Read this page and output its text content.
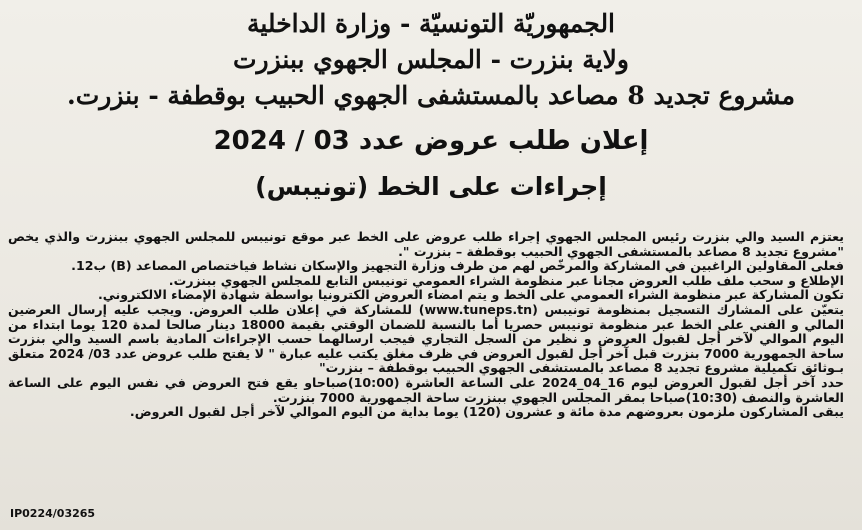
الجمهوريّة التونسيّة - وزارة الداخلية
ولاية بنزرت - المجلس الجهوي ببنزرت
مشروع تجديد 8 مصاعد بالمستشفى الجهوي الحبيب بوقطفة - بنزرت.
إعلان طلب عروض عدد 03 / 2024
إجراءات على الخط (تونيبس)

يعتزم السيد والي بنزرت رئيس المجلس الجهوي إجراء طلب عروض على الخط عبر موقع تونيبس للمجلس الجهوي ببنزرت والذي يخص "مشروع تجديد 8 مصاعد بالمستشفى الجهوي الحبيب بوقطفة – بنزرت ".

فعلى المقاولين الراغبين في المشاركة والمرخّص لهم من طرف وزارة التجهيز والإسكان نشاط فياختصاص المصاعد (B) ب12.

الإطلاع و سحب ملف طلب العروض مجانا عبر منظومة الشراء العمومي تونيبس التابع للمجلس الجهوي ببنزرت.

تكون المشاركة عبر منظومة الشراء العمومي على الخط و يتم امضاء العروض الكترونيا بواسطة شهادة الإمضاء الالكتروني.

يتعيّن على المشارك التسجيل بمنظومة تونيبس (www.tuneps.tn) للمشاركة في إعلان طلب العروض. ويجب عليه إرسال العرضين المالي و الفني على الخط عبر منظومة تونيبس حصريا أما بالنسبة للضمان الوقتي بقيمة 18000 دينار صالحا لمدة 120 يوما ابتداء من اليوم الموالي لآخر أجل لقبول العروض و نظير من السجل التجاري فيجب ارسالهما حسب الإجراءات المادية باسم السيد والي بنزرت ساحة الجمهورية 7000 بنزرت قبل آخر أجل لقبول العروض في ظرف مغلق يكتب عليه عبارة " لا يفتح طلب عروض عدد 03/ 2024 متعلق بـوثائق تكميلية مشروع تجديد 8 مصاعد بالمستشفى الجهوي الحبيب بوقطفة – بنزرت"

حدد آخر أجل لقبول العروض ليوم 16_04_2024 على الساعة العاشرة (10:00)صباحاو يقع فتح العروض في نفس اليوم على الساعة العاشرة والنصف (10:30)صباحا بمقر المجلس الجهوي ببنزرت ساحة الجمهورية 7000 بنزرت.

يبقى المشاركون ملزمون بعروضهم مدة مائة و عشرون (120) يوما بداية من اليوم الموالي لآخر أجل لقبول العروض.

IP0224/03265
